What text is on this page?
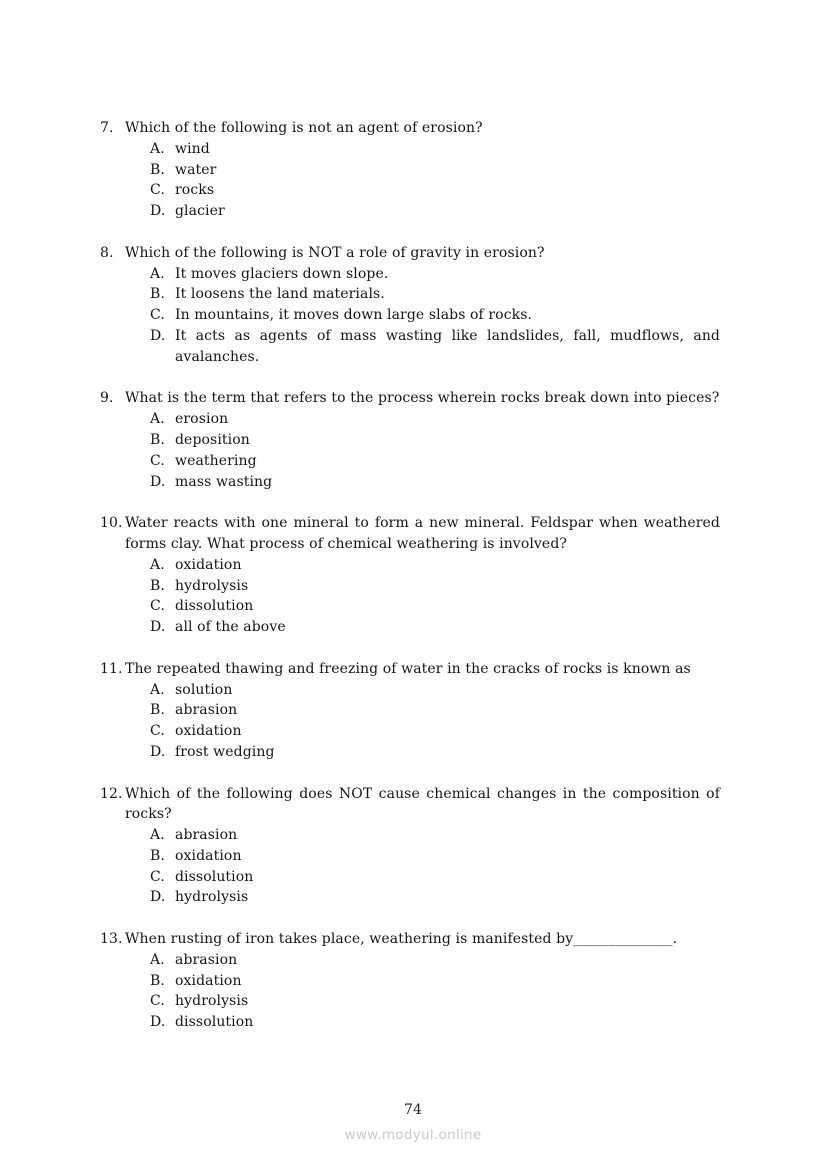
7. Which of the following is not an agent of erosion?
A. wind
B. water
C. rocks
D. glacier
8. Which of the following is NOT a role of gravity in erosion?
A. It moves glaciers down slope.
B. It loosens the land materials.
C. In mountains, it moves down large slabs of rocks.
D. It acts as agents of mass wasting like landslides, fall, mudflows, and avalanches.
9. What is the term that refers to the process wherein rocks break down into pieces?
A. erosion
B. deposition
C. weathering
D. mass wasting
10. Water reacts with one mineral to form a new mineral. Feldspar when weathered forms clay. What process of chemical weathering is involved?
A. oxidation
B. hydrolysis
C. dissolution
D. all of the above
11. The repeated thawing and freezing of water in the cracks of rocks is known as
A. solution
B. abrasion
C. oxidation
D. frost wedging
12. Which of the following does NOT cause chemical changes in the composition of rocks?
A. abrasion
B. oxidation
C. dissolution
D. hydrolysis
13. When rusting of iron takes place, weathering is manifested by______________.
A. abrasion
B. oxidation
C. hydrolysis
D. dissolution
74
www.modyul.online
